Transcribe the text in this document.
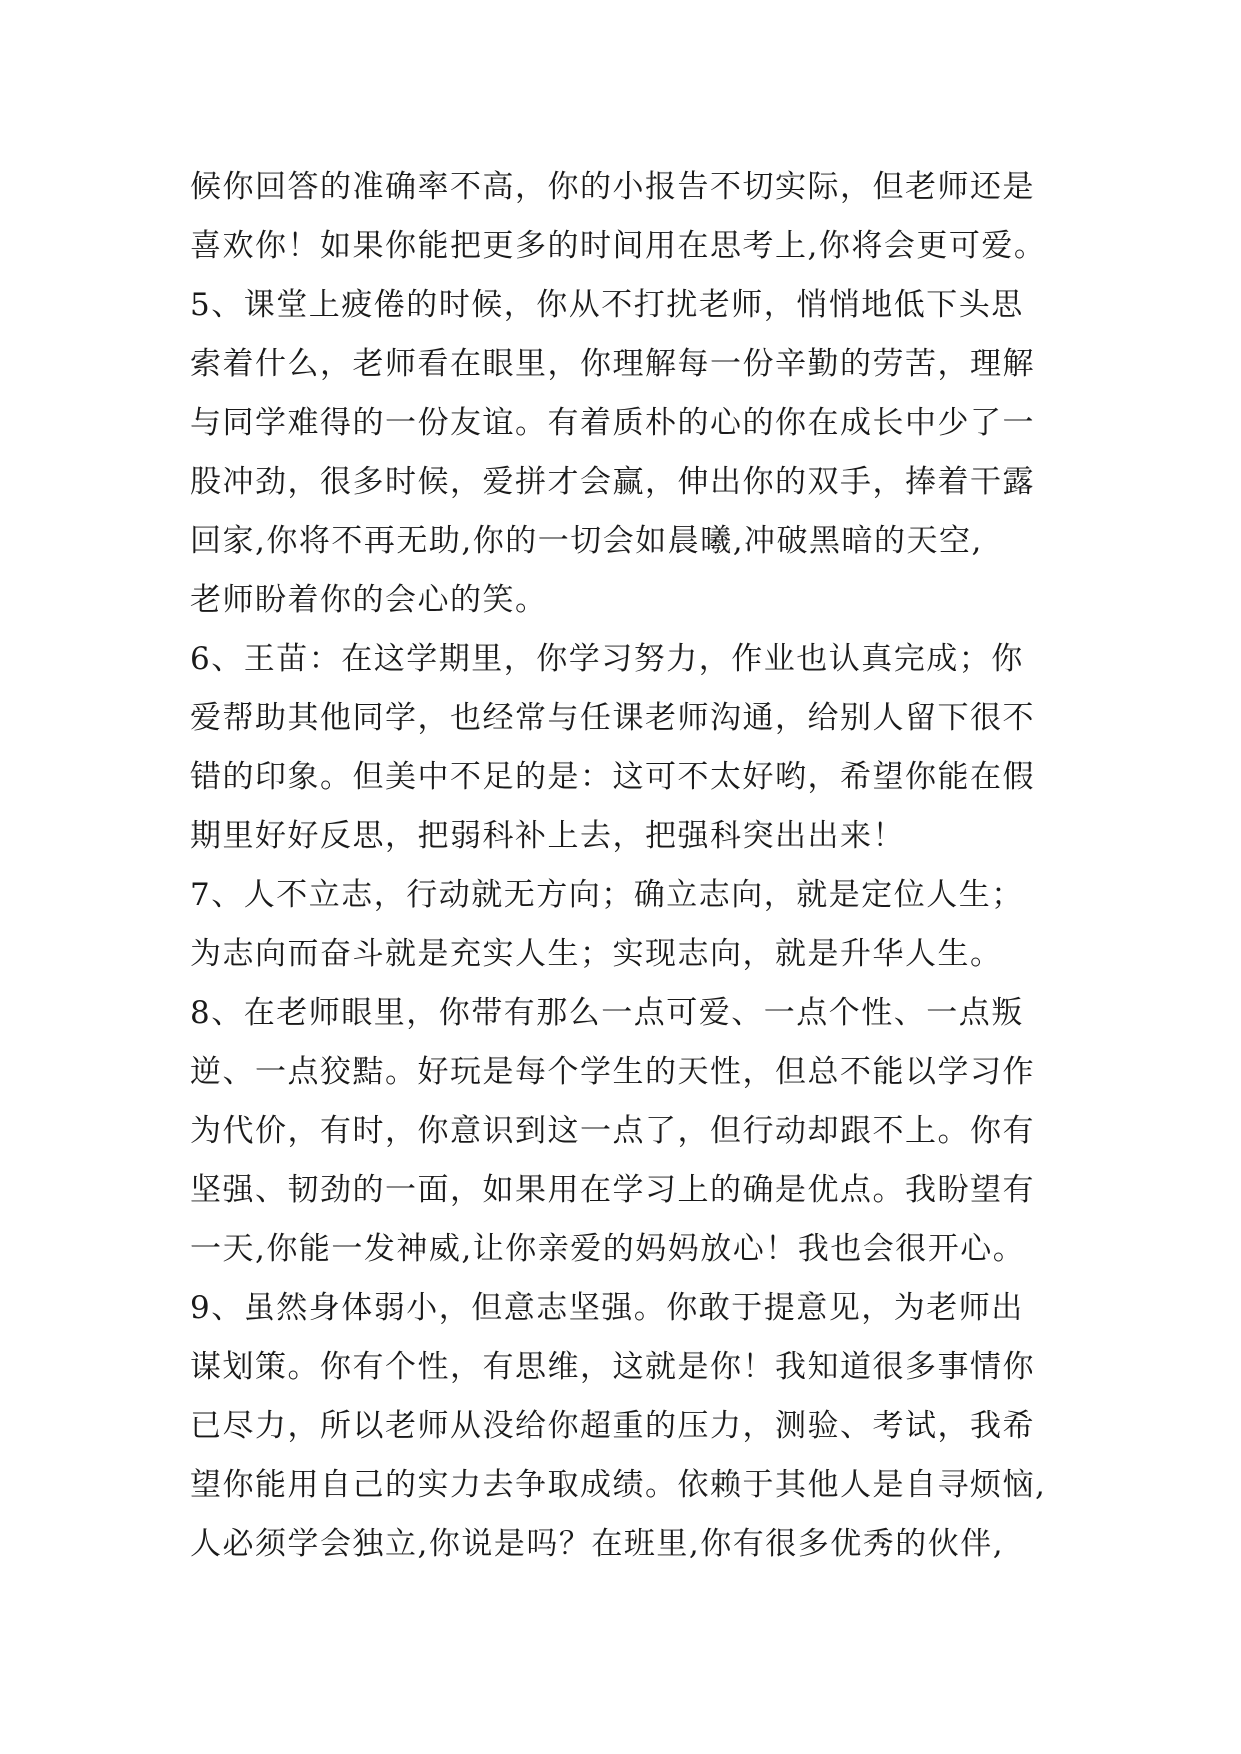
候你回答的准确率不高，你的小报告不切实际，但老师还是
喜欢你！如果你能把更多的时间用在思考上,你将会更可爱。
5、课堂上疲倦的时候，你从不打扰老师，悄悄地低下头思
索着什么，老师看在眼里，你理解每一份辛勤的劳苦，理解
与同学难得的一份友谊。有着质朴的心的你在成长中少了一
股冲劲，很多时候，爱拼才会赢，伸出你的双手，捧着干露
回家,你将不再无助,你的一切会如晨曦,冲破黑暗的天空,
老师盼着你的会心的笑。
6、王苗：在这学期里，你学习努力，作业也认真完成；你
爱帮助其他同学，也经常与任课老师沟通，给别人留下很不
错的印象。但美中不足的是：这可不太好哟，希望你能在假
期里好好反思，把弱科补上去，把强科突出出来！
7、人不立志，行动就无方向；确立志向，就是定位人生；
为志向而奋斗就是充实人生；实现志向，就是升华人生。
8、在老师眼里，你带有那么一点可爱、一点个性、一点叛
逆、一点狡黠。好玩是每个学生的天性，但总不能以学习作
为代价，有时，你意识到这一点了，但行动却跟不上。你有
坚强、韧劲的一面，如果用在学习上的确是优点。我盼望有
一天,你能一发神威,让你亲爱的妈妈放心！我也会很开心。
9、虽然身体弱小，但意志坚强。你敢于提意见，为老师出
谋划策。你有个性，有思维，这就是你！我知道很多事情你
已尽力，所以老师从没给你超重的压力，测验、考试，我希
望你能用自己的实力去争取成绩。依赖于其他人是自寻烦恼,
人必须学会独立,你说是吗？在班里,你有很多优秀的伙伴,
